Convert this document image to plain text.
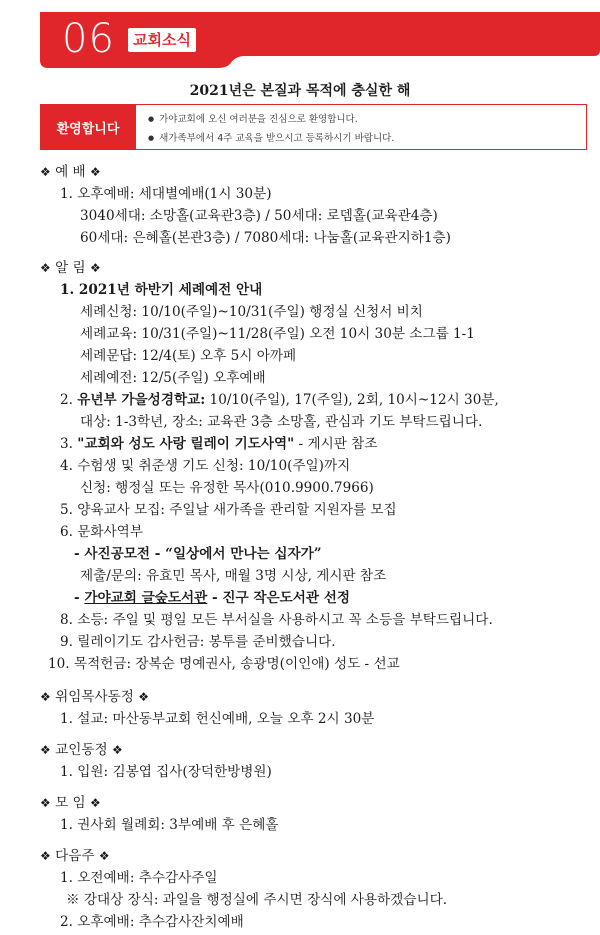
06	교회소식
2021년은 본질과 목적에 충실한 해
환영합니다
● 가야교회에 오신 여러분을 진심으로 환영합니다.
● 새가족부에서 4주 교육을 받으시고 등록하시기 바랍니다.
❖ 예 배 ❖
1. 오후예배: 세대별예배(1시 30분)
3040세대: 소망홀(교육관3층) / 50세대: 로뎀홀(교육관4층)
60세대: 은혜홀(본관3층) / 7080세대: 나눔홀(교육관지하1층)
❖ 알 림 ❖
1. 2021년 하반기 세례예전 안내
세례신청: 10/10(주일)~10/31(주일) 행정실 신청서 비치
세례교육: 10/31(주일)~11/28(주일) 오전 10시 30분 소그룹 1-1
세례문답: 12/4(토) 오후 5시 아까페
세례예전: 12/5(주일) 오후예배
2. 유년부 가을성경학교: 10/10(주일), 17(주일), 2회, 10시~12시 30분,
대상: 1-3학년, 장소: 교육관 3층 소망홀, 관심과 기도 부탁드립니다.
3. "교회와 성도 사랑 릴레이 기도사역" - 게시판 참조
4. 수험생 및 취준생 기도 신청: 10/10(주일)까지
신청: 행정실 또는 유정한 목사(010.9900.7966)
5. 양육교사 모집: 주일날 새가족을 관리할 지원자를 모집
6. 문화사역부
- 사진공모전 - “일상에서 만나는 십자가”
제출/문의: 유효민 목사, 매월 3명 시상, 게시판 참조
- 가야교회 글숲도서관 - 진구 작은도서관 선정
8. 소등: 주일 및 평일 모든 부서실을 사용하시고 꼭 소등을 부탁드립니다.
9. 릴레이기도 감사헌금: 봉투를 준비했습니다.
10. 목적헌금: 장복순 명예권사, 송광명(이인애) 성도 - 선교
❖ 위임목사동정 ❖
1. 설교: 마산동부교회 헌신예배, 오늘 오후 2시 30분
❖ 교인동정 ❖
1. 입원: 김봉엽 집사(장덕한방병원)
❖ 모 임 ❖
1. 권사회 월례회: 3부예배 후 은혜홀
❖ 다음주 ❖
1. 오전예배: 추수감사주일
※ 강대상 장식: 과일을 행정실에 주시면 장식에 사용하겠습니다.
2. 오후예배: 추수감사잔치예배
